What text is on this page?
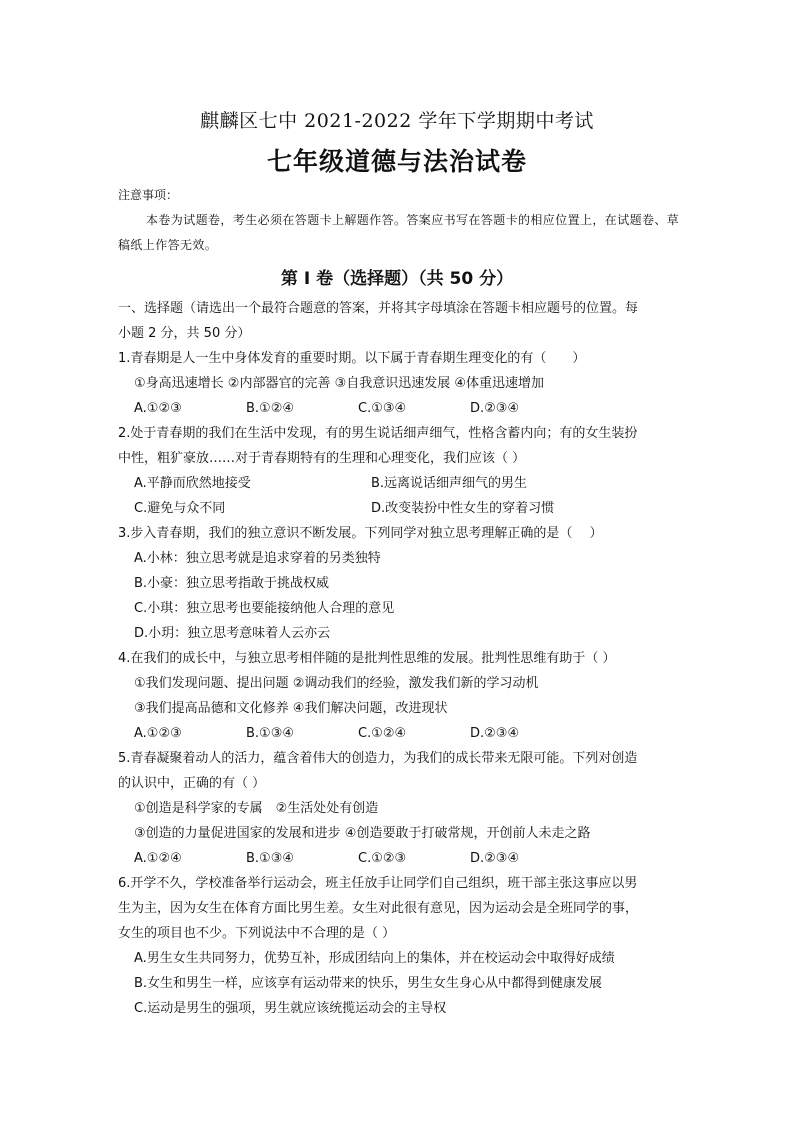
麒麟区七中 2021-2022 学年下学期期中考试
七年级道德与法治试卷
注意事项：
本卷为试题卷，考生必须在答题卡上解题作答。答案应书写在答题卡的相应位置上，在试题卷、草稿纸上作答无效。
第 I 卷（选择题）（共 50 分）
一、选择题（请选出一个最符合题意的答案，并将其字母填涂在答题卡相应题号的位置。每
小题 2 分，共 50 分）
1.青春期是人一生中身体发育的重要时期。以下属于青春期生理变化的有（　　）
①身高迅速增长 ②内部器官的完善 ③自我意识迅速发展 ④体重迅速增加
A.①②③	B.①②④	C.①③④	D.②③④
2.处于青春期的我们在生活中发现，有的男生说话细声细气，性格含蓄内向；有的女生装扮
中性，粗犷豪放……对于青春期特有的生理和心理变化，我们应该（ ）
A.平静而欣然地接受	B.远离说话细声细气的男生
C.避免与众不同	D.改变装扮中性女生的穿着习惯
3.步入青春期，我们的独立意识不断发展。下列同学对独立思考理解正确的是（　 ）
A.小林：独立思考就是追求穿着的另类独特
B.小豪：独立思考指敢于挑战权威
C.小琪：独立思考也要能接纳他人合理的意见
D.小玥：独立思考意味着人云亦云
4.在我们的成长中，与独立思考相伴随的是批判性思维的发展。批判性思维有助于（ ）
①我们发现问题、提出问题 ②调动我们的经验，激发我们新的学习动机
③我们提高品德和文化修养 ④我们解决问题，改进现状
A.①②③	B.①③④	C.①②④	D.②③④
5.青春凝聚着动人的活力，蕴含着伟大的创造力，为我们的成长带来无限可能。下列对创造
的认识中，正确的有（ ）
①创造是科学家的专属　②生活处处有创造
③创造的力量促进国家的发展和进步 ④创造要敢于打破常规，开创前人未走之路
A.①②④	B.①③④	C.①②③	D.②③④
6.开学不久，学校准备举行运动会，班主任放手让同学们自己组织，班干部主张这事应以男
生为主，因为女生在体育方面比男生差。女生对此很有意见，因为运动会是全班同学的事，
女生的项目也不少。下列说法中不合理的是（ ）
A.男生女生共同努力，优势互补，形成团结向上的集体，并在校运动会中取得好成绩
B.女生和男生一样，应该享有运动带来的快乐，男生女生身心从中都得到健康发展
C.运动是男生的强项，男生就应该统揽运动会的主导权
